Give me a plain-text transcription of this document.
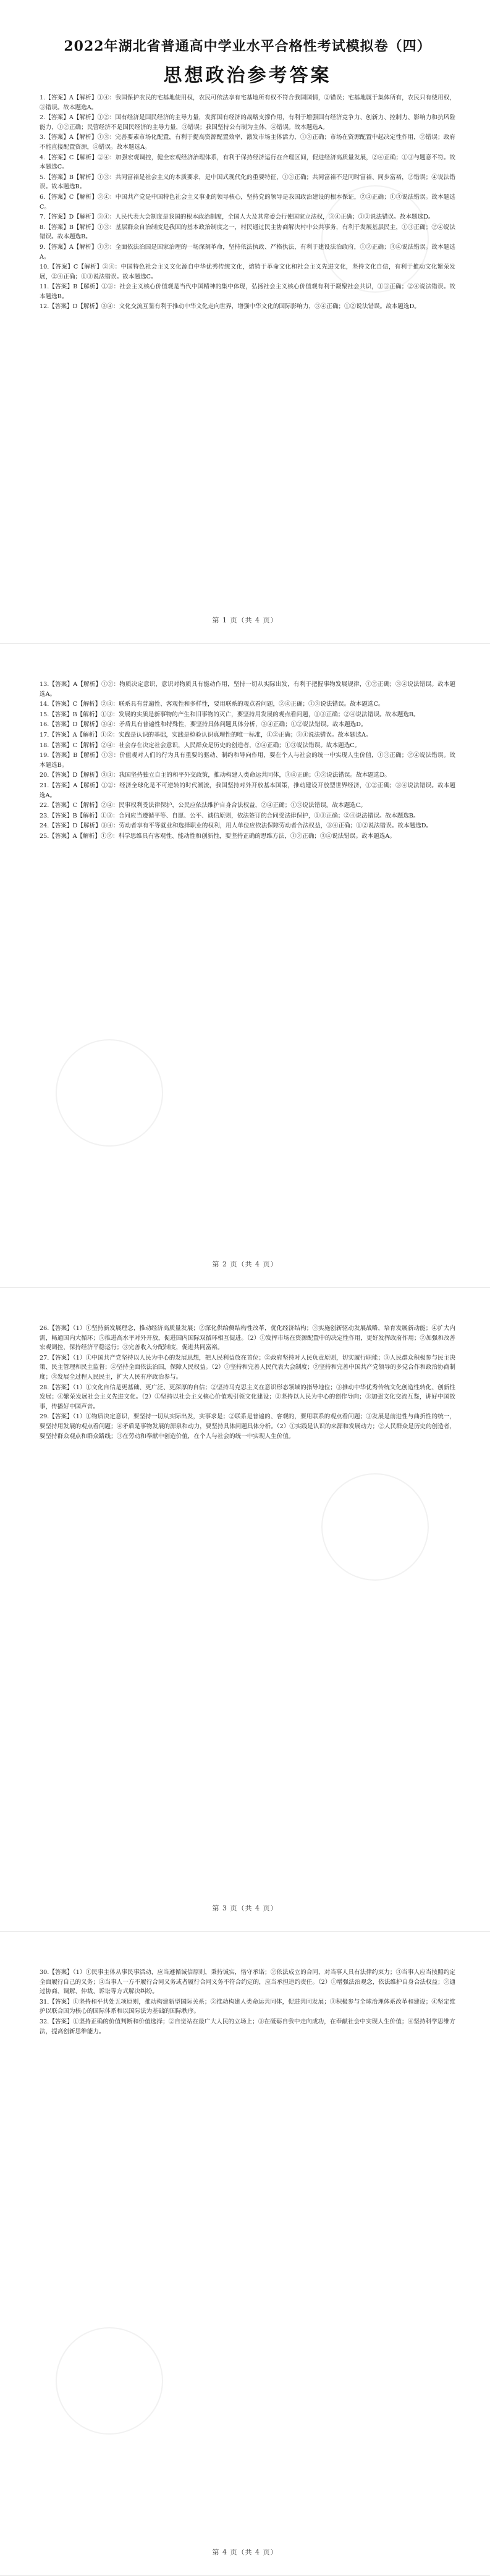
2022年湖北省普通高中学业水平合格性考试模拟卷（四）
思想政治参考答案

1.【答案】A【解析】①④：我国保护农民的宅基地使用权，农民可依法享有宅基地所有权不符合我国国情，②错误；宅基地属于集体所有，农民只有使用权，③错误。故本题选A。

2.【答案】A【解析】①②：国有经济是国民经济的主导力量，发挥国有经济的战略支撑作用，有利于增强国有经济竞争力、创新力、控制力、影响力和抗风险能力，①②正确；民营经济不是国民经济的主导力量，③错误；我国坚持公有制为主体，④错误。故本题选A。

3.【答案】A【解析】①③：完善要素市场化配置，有利于提高资源配置效率，激发市场主体活力，①③正确；市场在资源配置中起决定性作用，②错误；政府不能直接配置资源，④错误。故本题选A。

4.【答案】C【解析】②④：加强宏观调控，健全宏观经济治理体系，有利于保持经济运行在合理区间，促进经济高质量发展，②④正确；①③与题意不符。故本题选C。

5.【答案】B【解析】①③：共同富裕是社会主义的本质要求，是中国式现代化的重要特征，①③正确；共同富裕不是同时富裕、同步富裕，②错误；④说法错误。故本题选B。

6.【答案】C【解析】②④：中国共产党是中国特色社会主义事业的领导核心，坚持党的领导是我国政治建设的根本保证，②④正确；①③说法错误。故本题选C。

7.【答案】D【解析】③④：人民代表大会制度是我国的根本政治制度，全国人大及其常委会行使国家立法权，③④正确；①②说法错误。故本题选D。

8.【答案】B【解析】①③：基层群众自治制度是我国的基本政治制度之一，村民通过民主协商解决村中公共事务，有利于发展基层民主，①③正确；②④说法错误。故本题选B。

9.【答案】A【解析】①②：全面依法治国是国家治理的一场深刻革命，坚持依法执政、严格执法，有利于建设法治政府，①②正确；③④说法错误。故本题选A。

10.【答案】C【解析】②④：中国特色社会主义文化源自中华优秀传统文化，熔铸于革命文化和社会主义先进文化，坚持文化自信，有利于推动文化繁荣发展，②④正确；①③说法错误。故本题选C。

11.【答案】B【解析】①③：社会主义核心价值观是当代中国精神的集中体现，弘扬社会主义核心价值观有利于凝聚社会共识，①③正确；②④说法错误。故本题选B。

12.【答案】D【解析】③④：文化交流互鉴有利于推动中华文化走向世界，增强中华文化的国际影响力，③④正确；①②说法错误。故本题选D。

第 1 页（共 4 页）

13.【答案】A【解析】①②：物质决定意识，意识对物质具有能动作用，坚持一切从实际出发，有利于把握事物发展规律，①②正确；③④说法错误。故本题选A。

14.【答案】C【解析】②④：联系具有普遍性、客观性和多样性，要用联系的观点看问题，②④正确；①③说法错误。故本题选C。

15.【答案】B【解析】①③：发展的实质是新事物的产生和旧事物的灭亡，要坚持用发展的观点看问题，①③正确；②④说法错误。故本题选B。

16.【答案】D【解析】③④：矛盾具有普遍性和特殊性，要坚持具体问题具体分析，③④正确；①②说法错误。故本题选D。

17.【答案】A【解析】①②：实践是认识的基础，实践是检验认识真理性的唯一标准，①②正确；③④说法错误。故本题选A。

18.【答案】C【解析】②④：社会存在决定社会意识，人民群众是历史的创造者，②④正确；①③说法错误。故本题选C。

19.【答案】B【解析】①③：价值观对人们的行为具有重要的驱动、制约和导向作用，要在个人与社会的统一中实现人生价值，①③正确；②④说法错误。故本题选B。

20.【答案】D【解析】③④：我国坚持独立自主的和平外交政策，推动构建人类命运共同体，③④正确；①②说法错误。故本题选D。

21.【答案】A【解析】①②：经济全球化是不可逆转的时代潮流，我国坚持对外开放基本国策，推动建设开放型世界经济，①②正确；③④说法错误。故本题选A。

22.【答案】C【解析】②④：民事权利受法律保护，公民应依法维护自身合法权益，②④正确；①③说法错误。故本题选C。

23.【答案】B【解析】①③：合同应当遵循平等、自愿、公平、诚信原则，依法签订的合同受法律保护，①③正确；②④说法错误。故本题选B。

24.【答案】D【解析】③④：劳动者享有平等就业和选择职业的权利，用人单位应依法保障劳动者合法权益，③④正确；①②说法错误。故本题选D。

25.【答案】A【解析】①②：科学思维具有客观性、能动性和创新性，要坚持正确的思维方法，①②正确；③④说法错误。故本题选A。

第 2 页（共 4 页）

26.【答案】（1）①坚持新发展理念，推动经济高质量发展；②深化供给侧结构性改革，优化经济结构；③实施创新驱动发展战略，培育发展新动能；④扩大内需，畅通国内大循环；⑤推进高水平对外开放，促进国内国际双循环相互促进。（2）①发挥市场在资源配置中的决定性作用，更好发挥政府作用；②加强和改善宏观调控，保持经济平稳运行；③完善收入分配制度，促进共同富裕。

27.【答案】（1）①中国共产党坚持以人民为中心的发展思想，把人民利益放在首位；②政府坚持对人民负责原则，切实履行职能；③人民群众积极参与民主决策、民主管理和民主监督；④坚持全面依法治国，保障人民权益。（2）①坚持和完善人民代表大会制度；②坚持和完善中国共产党领导的多党合作和政治协商制度；③发展全过程人民民主，扩大人民有序政治参与。

28.【答案】（1）①文化自信是更基础、更广泛、更深厚的自信；②坚持马克思主义在意识形态领域的指导地位；③推动中华优秀传统文化创造性转化、创新性发展；④繁荣发展社会主义先进文化。（2）①坚持以社会主义核心价值观引领文化建设；②坚持以人民为中心的创作导向；③加强文化交流互鉴，讲好中国故事，传播好中国声音。

29.【答案】（1）①物质决定意识，要坚持一切从实际出发，实事求是；②联系是普遍的、客观的，要用联系的观点看问题；③发展是前进性与曲折性的统一，要坚持用发展的观点看问题；④矛盾是事物发展的源泉和动力，要坚持具体问题具体分析。（2）①实践是认识的来源和发展动力；②人民群众是历史的创造者，要坚持群众观点和群众路线；③在劳动和奉献中创造价值，在个人与社会的统一中实现人生价值。

第 3 页（共 4 页）

30.【答案】（1）①民事主体从事民事活动，应当遵循诚信原则，秉持诚实，恪守承诺；②依法成立的合同，对当事人具有法律约束力；③当事人应当按照约定全面履行自己的义务；④当事人一方不履行合同义务或者履行合同义务不符合约定的，应当承担违约责任。（2）①增强法治观念，依法维护自身合法权益；②通过协商、调解、仲裁、诉讼等方式解决纠纷。

31.【答案】①坚持和平共处五项原则，推动构建新型国际关系；②推动构建人类命运共同体，促进共同发展；③积极参与全球治理体系改革和建设；④坚定维护以联合国为核心的国际体系和以国际法为基础的国际秩序。

32.【答案】①坚持正确的价值判断和价值选择；②自觉站在最广大人民的立场上；③在砥砺自我中走向成功，在奉献社会中实现人生价值；④坚持科学思维方法，提高创新思维能力。

第 4 页（共 4 页）
